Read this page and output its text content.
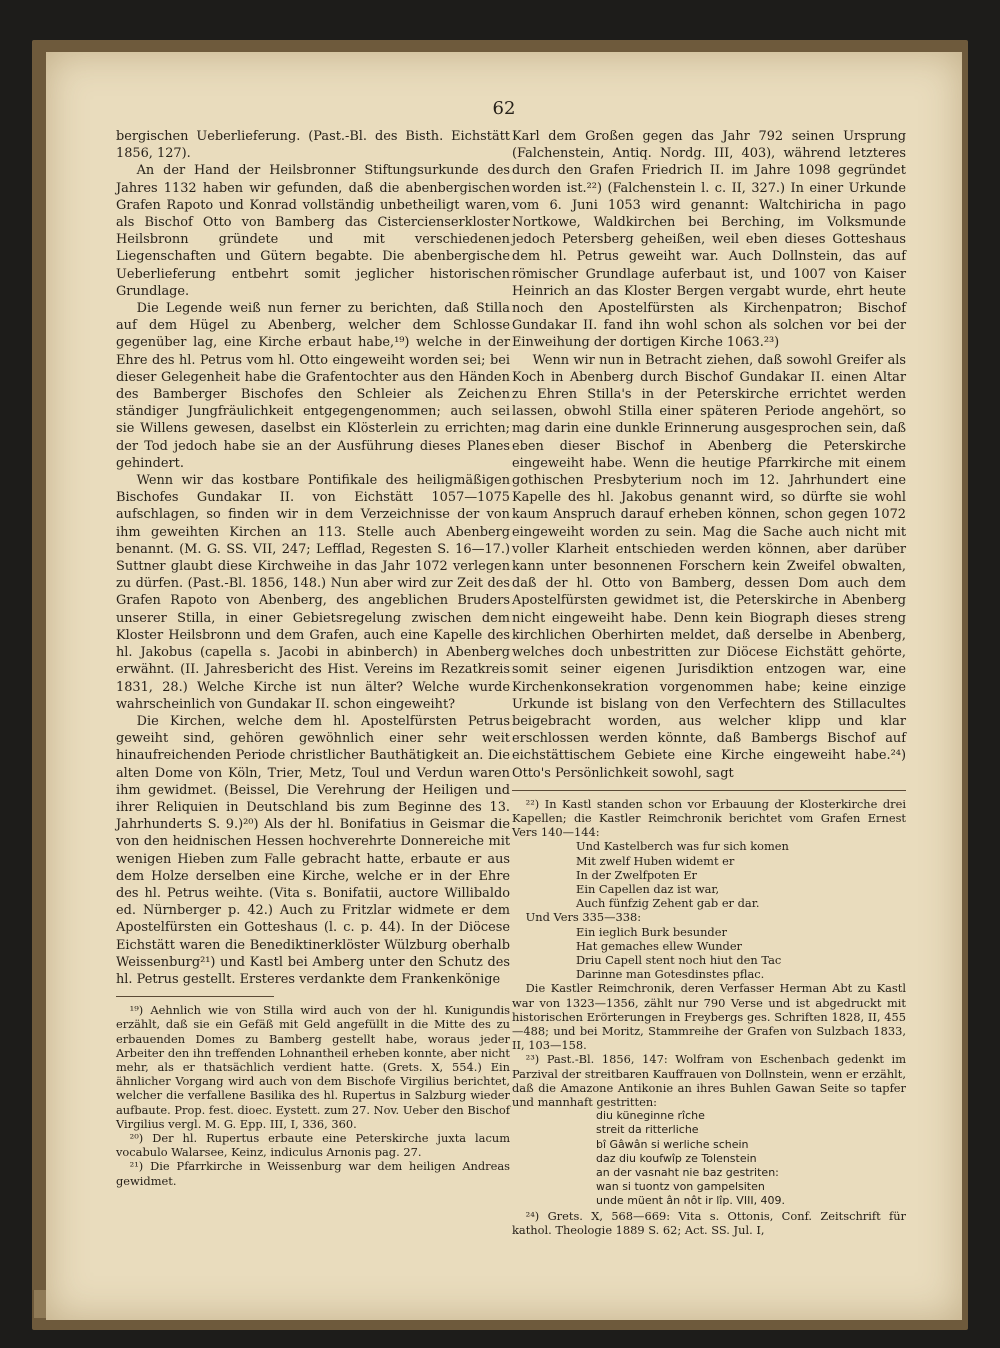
62

bergischen Ueberlieferung. (Past.-Bl. des Bisth. Eichstätt 1856, 127).

An der Hand der Heilsbronner Stiftungsurkunde des Jahres 1132 haben wir gefunden, daß die abenbergischen Grafen Rapoto und Konrad vollständig unbetheiligt waren, als Bischof Otto von Bamberg das Cistercienserkloster Heilsbronn gründete und mit verschiedenen Liegenschaften und Gütern begabte. Die abenbergische Ueberlieferung entbehrt somit jeglicher historischen Grundlage.

Die Legende weiß nun ferner zu berichten, daß Stilla auf dem Hügel zu Abenberg, welcher dem Schlosse gegenüber lag, eine Kirche erbaut habe,¹⁹) welche in der Ehre des hl. Petrus vom hl. Otto eingeweiht worden sei; bei dieser Gelegenheit habe die Grafentochter aus den Händen des Bamberger Bischofes den Schleier als Zeichen ständiger Jungfräulichkeit entgegengenommen; auch sei sie Willens gewesen, daselbst ein Klösterlein zu errichten; der Tod jedoch habe sie an der Ausführung dieses Planes gehindert.

Wenn wir das kostbare Pontifikale des heiligmäßigen Bischofes Gundakar II. von Eichstätt 1057—1075 aufschlagen, so finden wir in dem Verzeichnisse der von ihm geweihten Kirchen an 113. Stelle auch Abenberg benannt. (M. G. SS. VII, 247; Lefflad, Regesten S. 16—17.) Suttner glaubt diese Kirchweihe in das Jahr 1072 verlegen zu dürfen. (Past.-Bl. 1856, 148.) Nun aber wird zur Zeit des Grafen Rapoto von Abenberg, des angeblichen Bruders unserer Stilla, in einer Gebietsregelung zwischen dem Kloster Heilsbronn und dem Grafen, auch eine Kapelle des hl. Jakobus (capella s. Jacobi in abinberch) in Abenberg erwähnt. (II. Jahresbericht des Hist. Vereins im Rezatkreis 1831, 28.) Welche Kirche ist nun älter? Welche wurde wahrscheinlich von Gundakar II. schon eingeweiht?

Die Kirchen, welche dem hl. Apostelfürsten Petrus geweiht sind, gehören gewöhnlich einer sehr weit hinaufreichenden Periode christlicher Bauthätigkeit an. Die alten Dome von Köln, Trier, Metz, Toul und Verdun waren ihm gewidmet. (Beissel, Die Verehrung der Heiligen und ihrer Reliquien in Deutschland bis zum Beginne des 13. Jahrhunderts S. 9.)²⁰) Als der hl. Bonifatius in Geismar die von den heidnischen Hessen hochverehrte Donnereiche mit wenigen Hieben zum Falle gebracht hatte, erbaute er aus dem Holze derselben eine Kirche, welche er in der Ehre des hl. Petrus weihte. (Vita s. Bonifatii, auctore Willibaldo ed. Nürnberger p. 42.) Auch zu Fritzlar widmete er dem Apostelfürsten ein Gotteshaus (l. c. p. 44). In der Diöcese Eichstätt waren die Benediktinerklöster Wülzburg oberhalb Weissenburg²¹) und Kastl bei Amberg unter den Schutz des hl. Petrus gestellt. Ersteres verdankte dem Frankenkönige

¹⁹) Aehnlich wie von Stilla wird auch von der hl. Kunigundis erzählt, daß sie ein Gefäß mit Geld angefüllt in die Mitte des zu erbauenden Domes zu Bamberg gestellt habe, woraus jeder Arbeiter den ihn treffenden Lohnantheil erheben konnte, aber nicht mehr, als er thatsächlich verdient hatte. (Grets. X, 554.) Ein ähnlicher Vorgang wird auch von dem Bischofe Virgilius berichtet, welcher die verfallene Basilika des hl. Rupertus in Salzburg wieder aufbaute. Prop. fest. dioec. Eystett. zum 27. Nov. Ueber den Bischof Virgilius vergl. M. G. Epp. III, I, 336, 360.

²⁰) Der hl. Rupertus erbaute eine Peterskirche juxta lacum vocabulo Walarsee, Keinz, indiculus Arnonis pag. 27.

²¹) Die Pfarrkirche in Weissenburg war dem heiligen Andreas gewidmet.

Karl dem Großen gegen das Jahr 792 seinen Ursprung (Falchenstein, Antiq. Nordg. III, 403), während letzteres durch den Grafen Friedrich II. im Jahre 1098 gegründet worden ist.²²) (Falchenstein l. c. II, 327.) In einer Urkunde vom 6. Juni 1053 wird genannt: Waltchiricha in pago Nortkowe, Waldkirchen bei Berching, im Volksmunde jedoch Petersberg geheißen, weil eben dieses Gotteshaus dem hl. Petrus geweiht war. Auch Dollnstein, das auf römischer Grundlage auferbaut ist, und 1007 von Kaiser Heinrich an das Kloster Bergen vergabt wurde, ehrt heute noch den Apostelfürsten als Kirchenpatron; Bischof Gundakar II. fand ihn wohl schon als solchen vor bei der Einweihung der dortigen Kirche 1063.²³)

Wenn wir nun in Betracht ziehen, daß sowohl Greifer als Koch in Abenberg durch Bischof Gundakar II. einen Altar zu Ehren Stilla's in der Peterskirche errichtet werden lassen, obwohl Stilla einer späteren Periode angehört, so mag darin eine dunkle Erinnerung ausgesprochen sein, daß eben dieser Bischof in Abenberg die Peterskirche eingeweiht habe. Wenn die heutige Pfarrkirche mit einem gothischen Presbyterium noch im 12. Jahrhundert eine Kapelle des hl. Jakobus genannt wird, so dürfte sie wohl kaum Anspruch darauf erheben können, schon gegen 1072 eingeweiht worden zu sein. Mag die Sache auch nicht mit voller Klarheit entschieden werden können, aber darüber kann unter besonnenen Forschern kein Zweifel obwalten, daß der hl. Otto von Bamberg, dessen Dom auch dem Apostelfürsten gewidmet ist, die Peterskirche in Abenberg nicht eingeweiht habe. Denn kein Biograph dieses streng kirchlichen Oberhirten meldet, daß derselbe in Abenberg, welches doch unbestritten zur Diöcese Eichstätt gehörte, somit seiner eigenen Jurisdiktion entzogen war, eine Kirchenkonsekration vorgenommen habe; keine einzige Urkunde ist bislang von den Verfechtern des Stillacultes beigebracht worden, aus welcher klipp und klar erschlossen werden könnte, daß Bambergs Bischof auf eichstättischem Gebiete eine Kirche eingeweiht habe.²⁴) Otto's Persönlichkeit sowohl, sagt

²²) In Kastl standen schon vor Erbauung der Klosterkirche drei Kapellen; die Kastler Reimchronik berichtet vom Grafen Ernest Vers 140—144:

Und Kastelberch was fur sich komen
Mit zwelf Huben widemt er
In der Zwelfpoten Er
Ein Capellen daz ist war,
Auch fünfzig Zehent gab er dar.

Und Vers 335—338:

Ein ieglich Burk besunder
Hat gemaches ellew Wunder
Driu Capell stent noch hiut den Tac
Darinne man Gotesdinstes pflac.

Die Kastler Reimchronik, deren Verfasser Herman Abt zu Kastl war von 1323—1356, zählt nur 790 Verse und ist abgedruckt mit historischen Erörterungen in Freybergs ges. Schriften 1828, II, 455—488; und bei Moritz, Stammreihe der Grafen von Sulzbach 1833, II, 103—158.

²³) Past.-Bl. 1856, 147: Wolfram von Eschenbach gedenkt im Parzival der streitbaren Kauffrauen von Dollnstein, wenn er erzählt, daß die Amazone Antikonie an ihres Buhlen Gawan Seite so tapfer und mannhaft gestritten:

diu küneginne rîche
streit da ritterliche
bî Gâwân si werliche schein
daz diu koufwîp ze Tolenstein
an der vasnaht nie baz gestriten:
wan si tuontz von gampelsiten
unde müent ân nôt ir lîp. VIII, 409.

²⁴) Grets. X, 568—669: Vita s. Ottonis, Conf. Zeitschrift für kathol. Theologie 1889 S. 62; Act. SS. Jul. I,
